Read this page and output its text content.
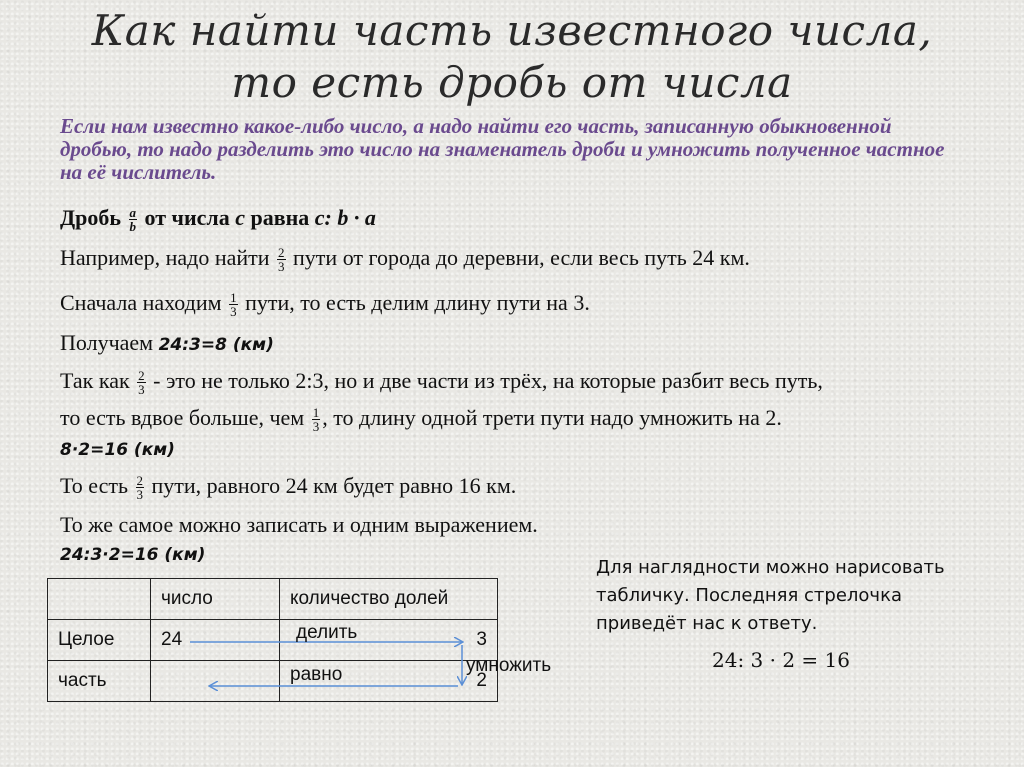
Как найти часть известного числа,
то есть дробь от числа
Если нам известно какое-либо число, а надо найти его часть, записанную обыкновенной дробью, то надо разделить это число на знаменатель дроби и умножить полученное частное на её числитель.
Дробь $\frac{a}{b}$ от числа c равна c: b · a
Например, надо найти $\frac{2}{3}$ пути от города до деревни, если весь путь 24 км.
Сначала находим $\frac{1}{3}$ пути, то есть делим длину пути на 3.
Получаем 24:3=8 (км)
Так как $\frac{2}{3}$ - это не только 2:3, но и две части из трёх, на которые разбит весь путь,
то есть вдвое больше, чем $\frac{1}{3}$ , то длину одной трети пути надо умножить на 2.
8·2=16 (км)
То есть $\frac{2}{3}$ пути, равного 24 км будет равно 16 км.
То же самое можно записать и одним выражением.
24:3·2=16 (км)
	число	количество долей
Целое	24	3
часть		2
делить
равно	умножить
Для наглядности можно нарисовать табличку. Последняя стрелочка приведёт нас к ответу.
24: 3 · 2 = 16
